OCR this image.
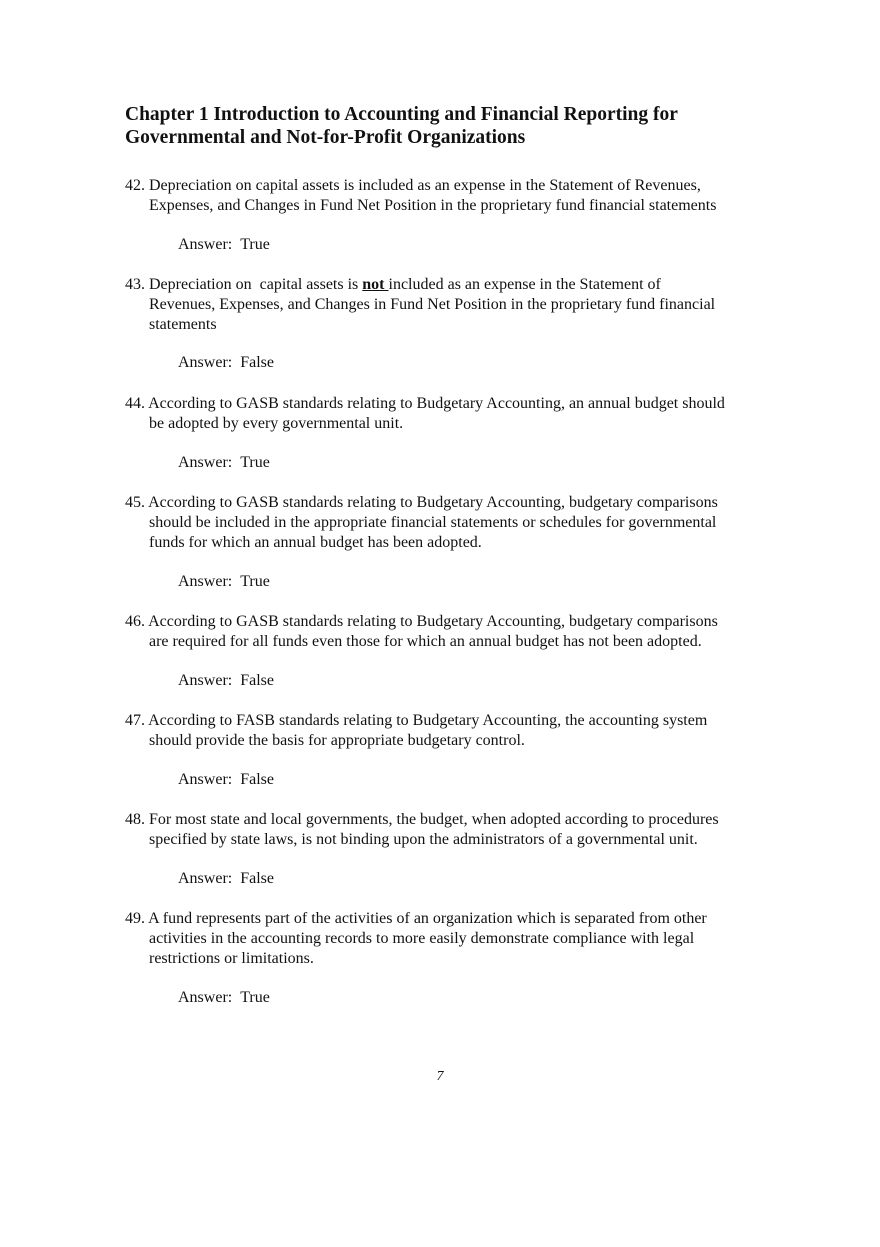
Chapter 1 Introduction to Accounting and Financial Reporting for
Governmental and Not-for-Profit Organizations
42. Depreciation on capital assets is included as an expense in the Statement of Revenues,
Expenses, and Changes in Fund Net Position in the proprietary fund financial statements
Answer: True
43. Depreciation on  capital assets is not included as an expense in the Statement of
Revenues, Expenses, and Changes in Fund Net Position in the proprietary fund financial
statements
Answer: False
44. According to GASB standards relating to Budgetary Accounting, an annual budget should
be adopted by every governmental unit.
Answer: True
45. According to GASB standards relating to Budgetary Accounting, budgetary comparisons
should be included in the appropriate financial statements or schedules for governmental
funds for which an annual budget has been adopted.
Answer: True
46. According to GASB standards relating to Budgetary Accounting, budgetary comparisons
are required for all funds even those for which an annual budget has not been adopted.
Answer: False
47. According to FASB standards relating to Budgetary Accounting, the accounting system
should provide the basis for appropriate budgetary control.
Answer: False
48. For most state and local governments, the budget, when adopted according to procedures
specified by state laws, is not binding upon the administrators of a governmental unit.
Answer: False
49. A fund represents part of the activities of an organization which is separated from other
activities in the accounting records to more easily demonstrate compliance with legal
restrictions or limitations.
Answer: True
7
